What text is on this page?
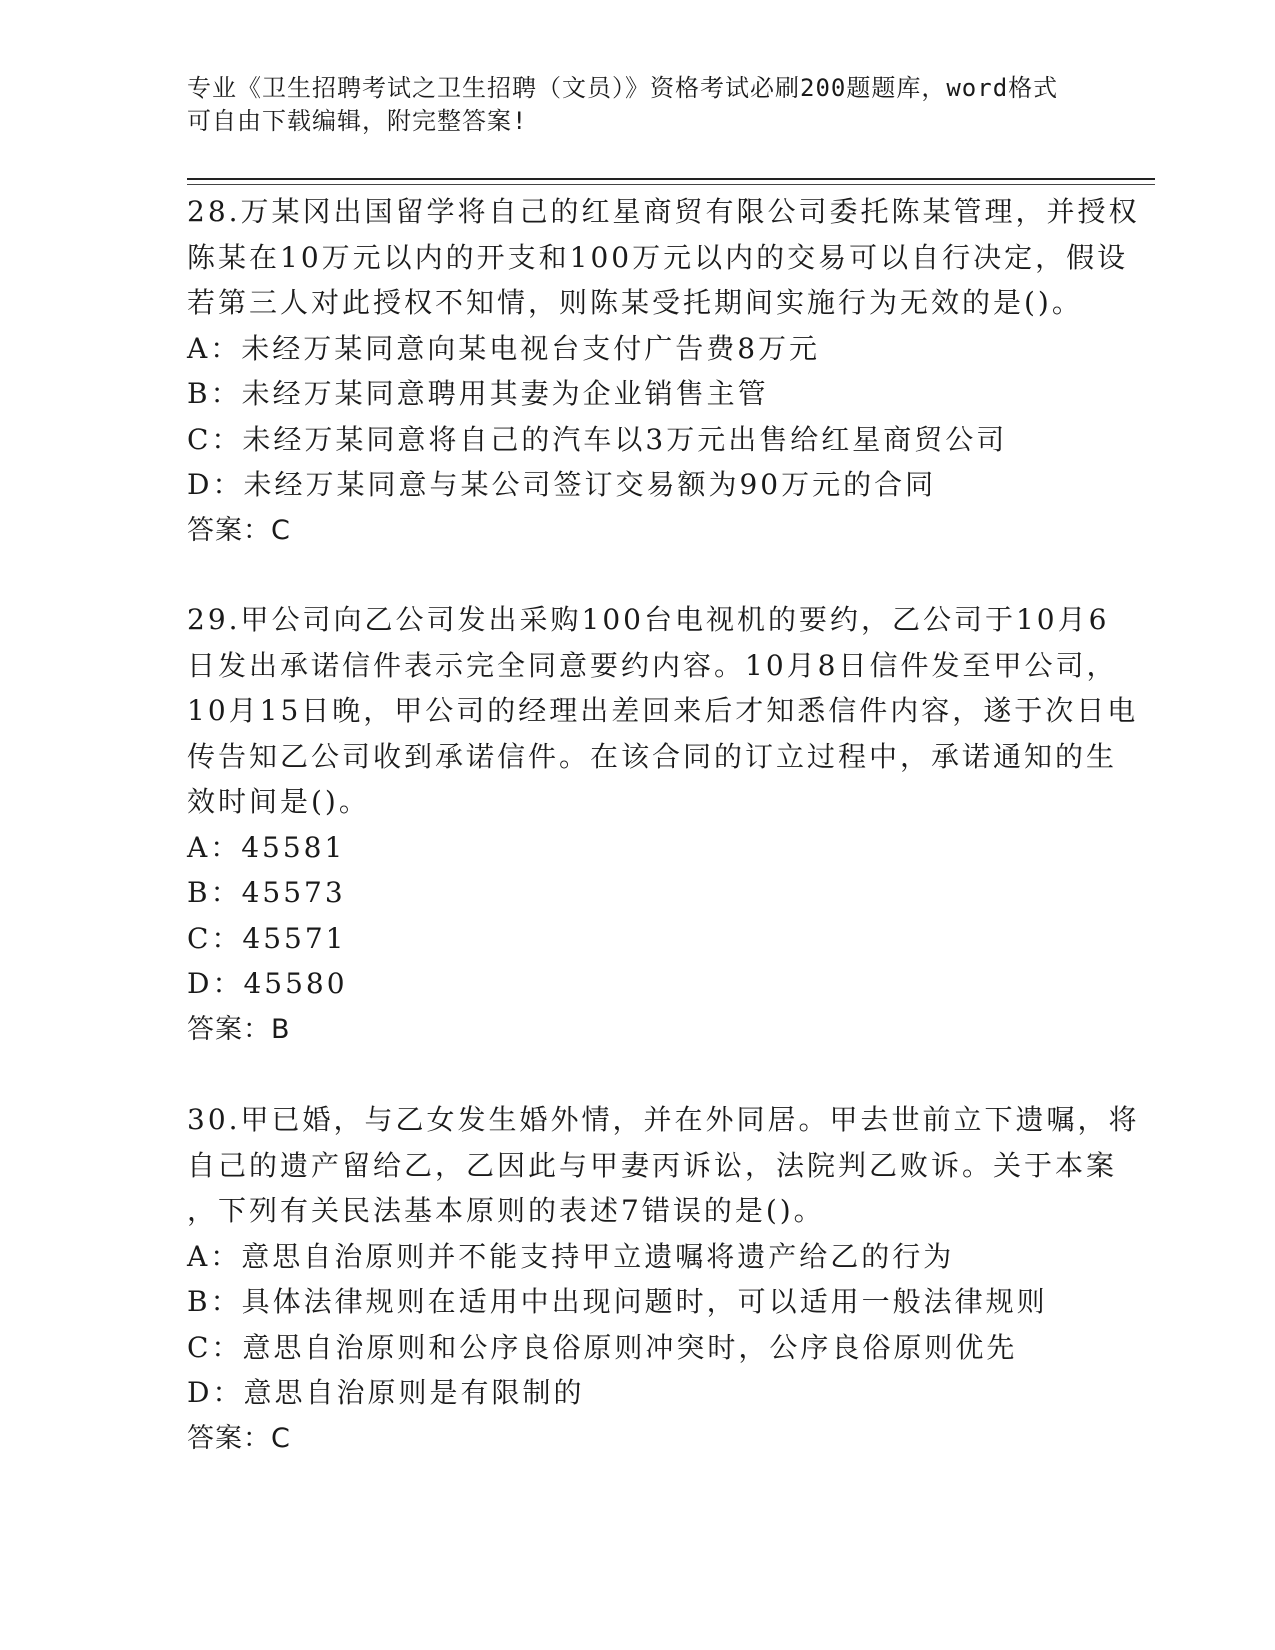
专业《卫生招聘考试之卫生招聘（文员）》资格考试必刷200题题库，word格式
可自由下载编辑，附完整答案!
28.万某冈出国留学将自己的红星商贸有限公司委托陈某管理，并授权
陈某在10万元以内的开支和100万元以内的交易可以自行决定，假设
若第三人对此授权不知情，则陈某受托期间实施行为无效的是()。
A：未经万某同意向某电视台支付广告费8万元
B：未经万某同意聘用其妻为企业销售主管
C：未经万某同意将自己的汽车以3万元出售给红星商贸公司
D：未经万某同意与某公司签订交易额为90万元的合同
答案：C
29.甲公司向乙公司发出采购100台电视机的要约，乙公司于10月6
日发出承诺信件表示完全同意要约内容。10月8日信件发至甲公司，
10月15日晚，甲公司的经理出差回来后才知悉信件内容，遂于次日电
传告知乙公司收到承诺信件。在该合同的订立过程中，承诺通知的生
效时间是()。
A：45581
B：45573
C：45571
D：45580
答案：B
30.甲已婚，与乙女发生婚外情，并在外同居。甲去世前立下遗嘱，将
自己的遗产留给乙，乙因此与甲妻丙诉讼，法院判乙败诉。关于本案
，下列有关民法基本原则的表述7错误的是()。
A：意思自治原则并不能支持甲立遗嘱将遗产给乙的行为
B：具体法律规则在适用中出现问题时，可以适用一般法律规则
C：意思自治原则和公序良俗原则冲突时，公序良俗原则优先
D：意思自治原则是有限制的
答案：C
